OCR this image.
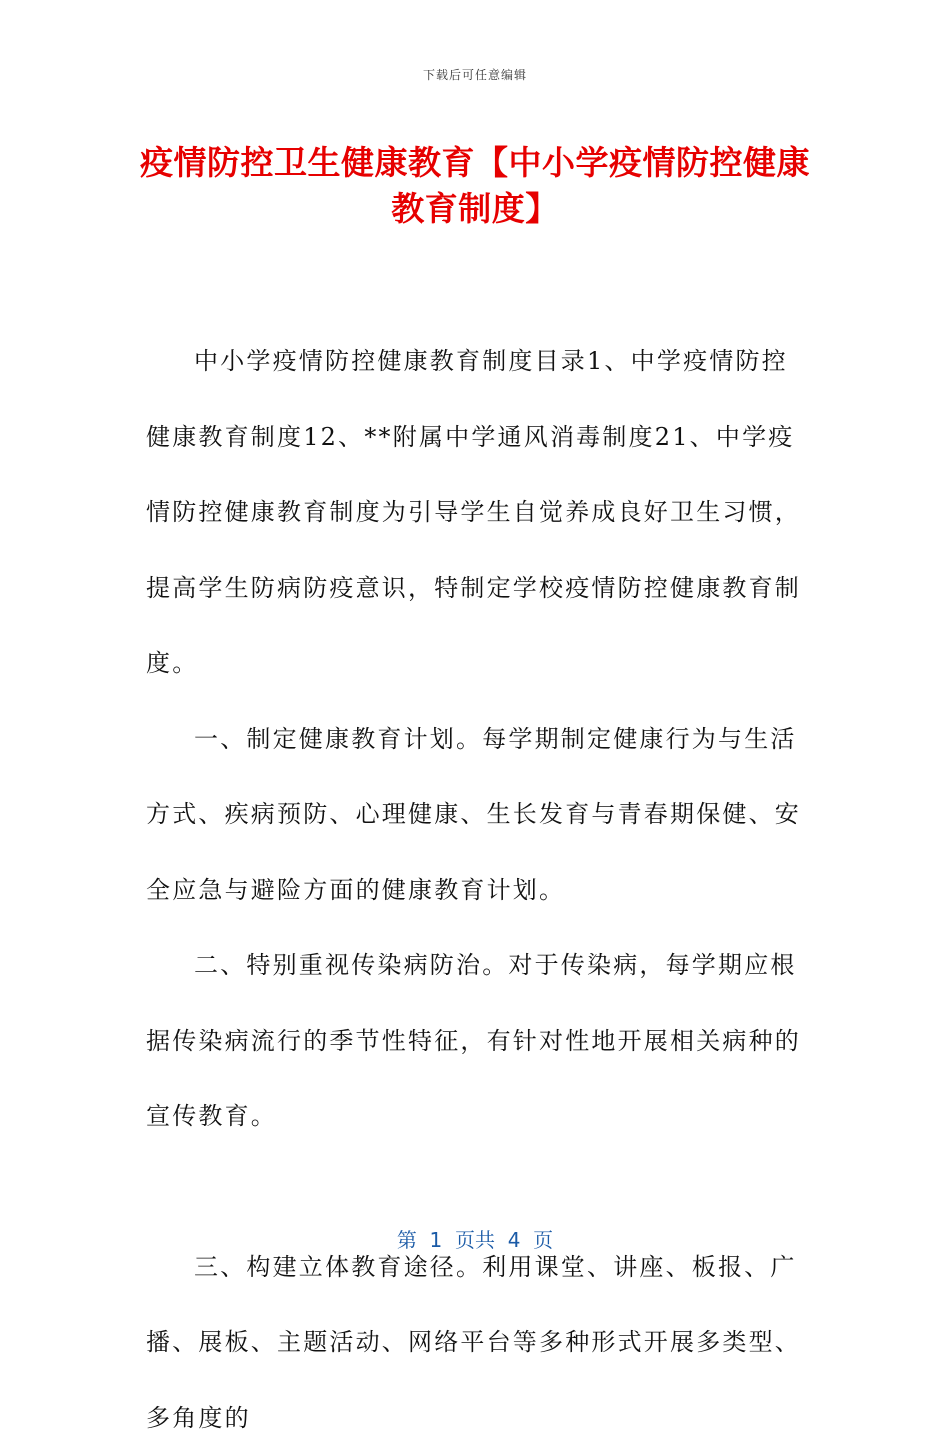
下载后可任意编辑
疫情防控卫生健康教育【中小学疫情防控健康教育制度】

中小学疫情防控健康教育制度目录1、中学疫情防控健康教育制度12、**附属中学通风消毒制度21、中学疫情防控健康教育制度为引导学生自觉养成良好卫生习惯，提高学生防病防疫意识，特制定学校疫情防控健康教育制度。

一、制定健康教育计划。每学期制定健康行为与生活方式、疾病预防、心理健康、生长发育与青春期保健、安全应急与避险方面的健康教育计划。

二、特别重视传染病防治。对于传染病，每学期应根据传染病流行的季节性特征，有针对性地开展相关病种的宣传教育。

三、构建立体教育途径。利用课堂、讲座、板报、广播、展板、主题活动、网络平台等多种形式开展多类型、多角度的

第  1  页共  4  页
